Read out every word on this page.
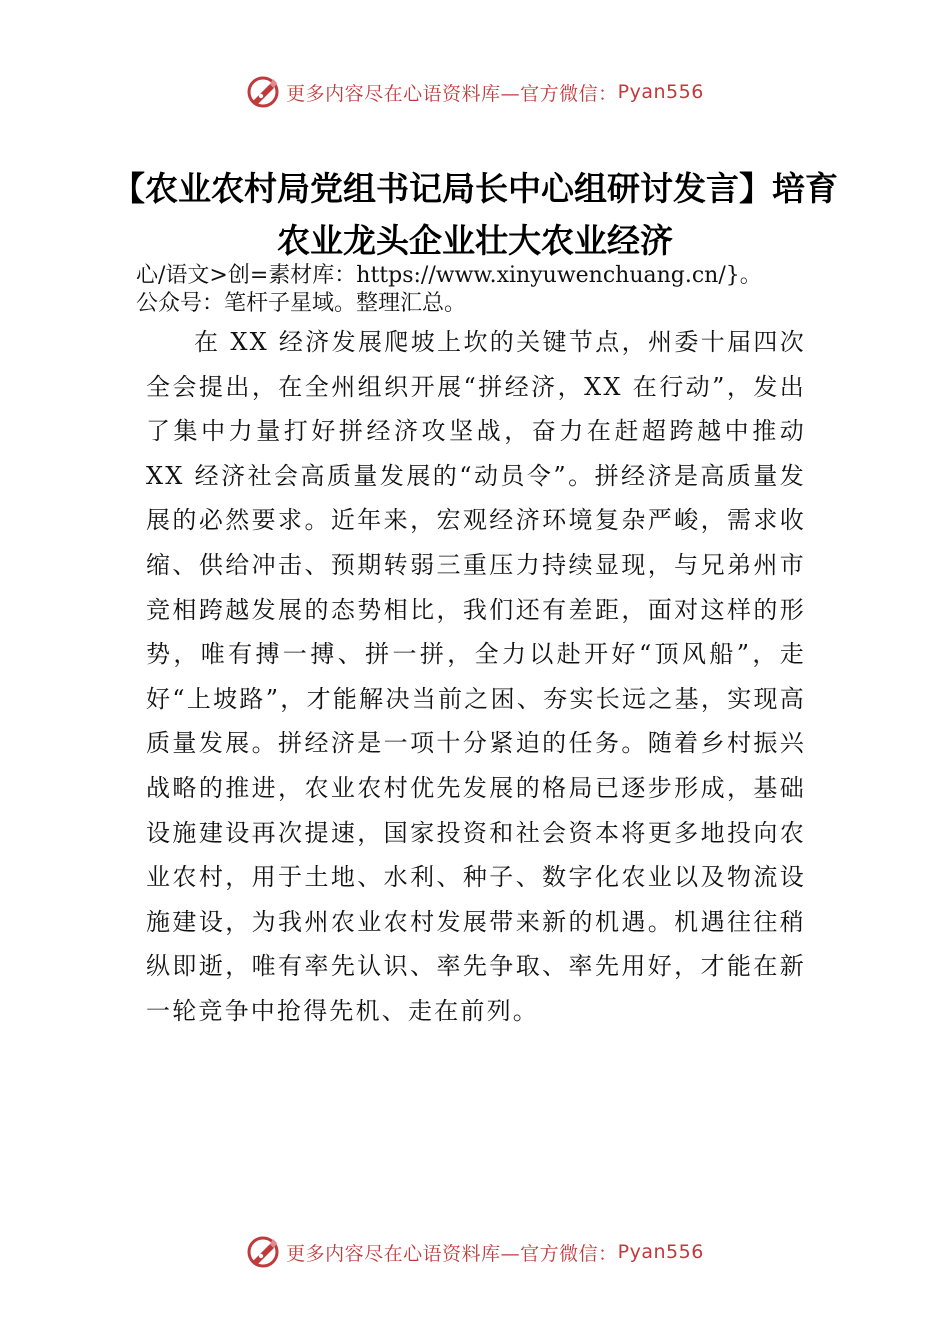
更多内容尽在心语资料库—官方微信： Pyan556
【农业农村局党组书记局长中心组研讨发言】培育农业龙头企业壮大农业经济
心/语文>创=素材库：https://www.xinyuwenchuang.cn/}。
公众号：笔杆子星域。整理汇总。

在 XX 经济发展爬坡上坎的关键节点，州委十届四次全会提出，在全州组织开展“拼经济，XX 在行动”，发出了集中力量打好拼经济攻坚战，奋力在赶超跨越中推动XX 经济社会高质量发展的“动员令”。拼经济是高质量发展的必然要求。近年来，宏观经济环境复杂严峻，需求收缩、供给冲击、预期转弱三重压力持续显现，与兄弟州市竞相跨越发展的态势相比，我们还有差距，面对这样的形势，唯有搏一搏、拼一拼，全力以赴开好“顶风船”，走好“上坡路”，才能解决当前之困、夯实长远之基，实现高质量发展。拼经济是一项十分紧迫的任务。随着乡村振兴战略的推进，农业农村优先发展的格局已逐步形成，基础设施建设再次提速，国家投资和社会资本将更多地投向农业农村，用于土地、水利、种子、数字化农业以及物流设施建设，为我州农业农村发展带来新的机遇。机遇往往稍纵即逝，唯有率先认识、率先争取、率先用好，才能在新一轮竞争中抢得先机、走在前列。

更多内容尽在心语资料库—官方微信： Pyan556
